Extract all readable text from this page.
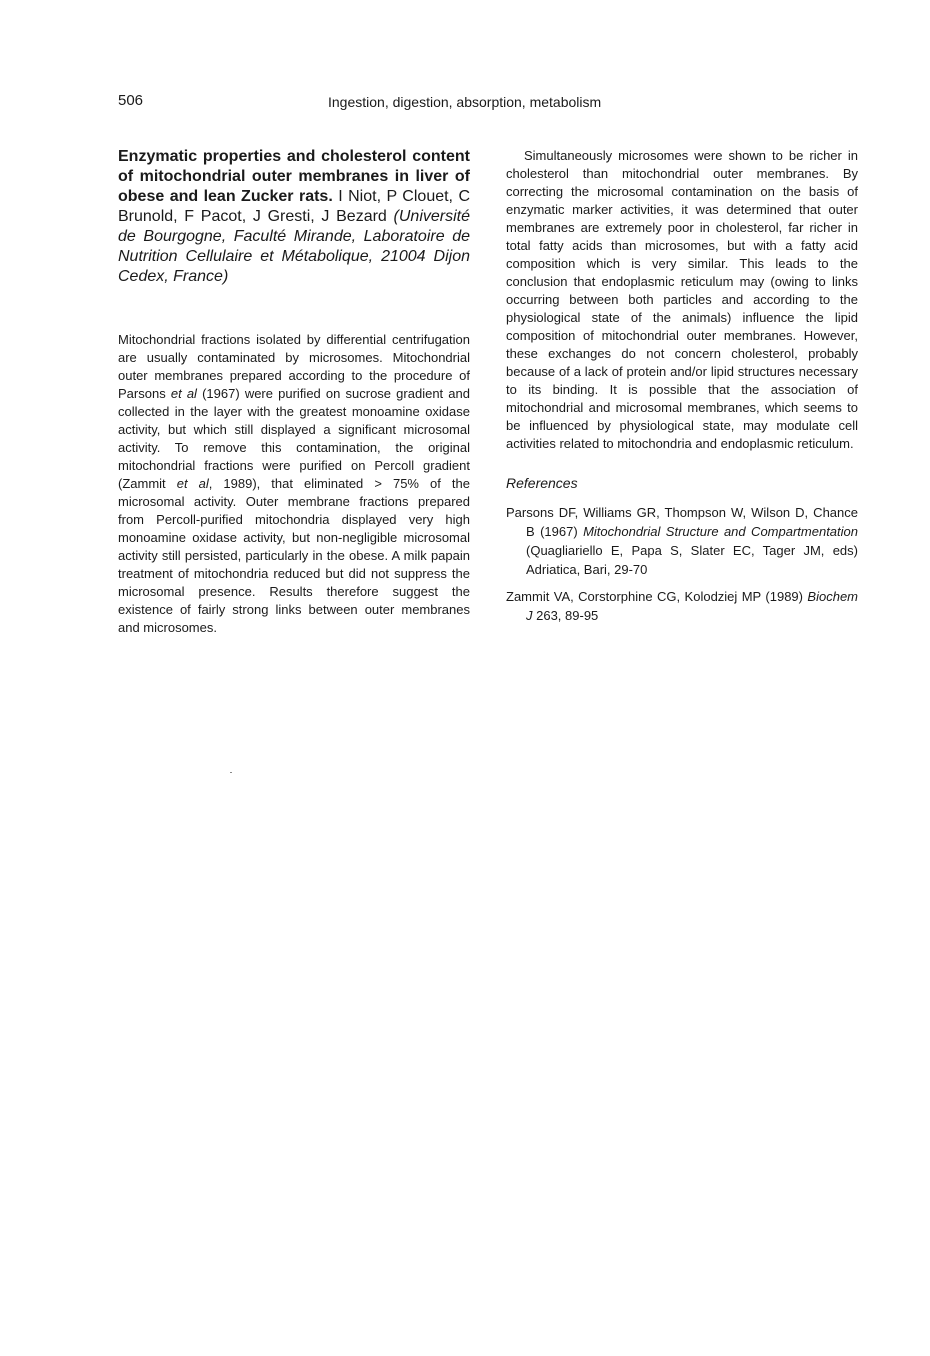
506	Ingestion, digestion, absorption, metabolism

Enzymatic properties and cholesterol content of mitochondrial outer membranes in liver of obese and lean Zucker rats. I Niot, P Clouet, C Brunold, F Pacot, J Gresti, J Bezard (Université de Bourgogne, Faculté Mirande, Laboratoire de Nutrition Cellulaire et Métabolique, 21004 Dijon Cedex, France)

Mitochondrial fractions isolated by differential centrifugation are usually contaminated by microsomes. Mitochondrial outer membranes prepared according to the procedure of Parsons et al (1967) were purified on sucrose gradient and collected in the layer with the greatest monoamine oxidase activity, but which still displayed a significant microsomal activity. To remove this contamination, the original mitochondrial fractions were purified on Percoll gradient (Zammit et al, 1989), that eliminated > 75% of the microsomal activity. Outer membrane fractions prepared from Percoll-purified mitochondria displayed very high monoamine oxidase activity, but non-negligible microsomal activity still persisted, particularly in the obese. A milk papain treatment of mitochondria reduced but did not suppress the microsomal presence. Results therefore suggest the existence of fairly strong links between outer membranes and microsomes.

Simultaneously microsomes were shown to be richer in cholesterol than mitochondrial outer membranes. By correcting the microsomal contamination on the basis of enzymatic marker activities, it was determined that outer membranes are extremely poor in cholesterol, far richer in total fatty acids than microsomes, but with a fatty acid composition which is very similar. This leads to the conclusion that endoplasmic reticulum may (owing to links occurring between both particles and according to the physiological state of the animals) influence the lipid composition of mitochondrial outer membranes. However, these exchanges do not concern cholesterol, probably because of a lack of protein and/or lipid structures necessary to its binding. It is possible that the association of mitochondrial and microsomal membranes, which seems to be influenced by physiological state, may modulate cell activities related to mitochondria and endoplasmic reticulum.

References

Parsons DF, Williams GR, Thompson W, Wilson D, Chance B (1967) Mitochondrial Structure and Compartmentation (Quagliariello E, Papa S, Slater EC, Tager JM, eds) Adriatica, Bari, 29-70

Zammit VA, Corstorphine CG, Kolodziej MP (1989) Biochem J 263, 89-95
